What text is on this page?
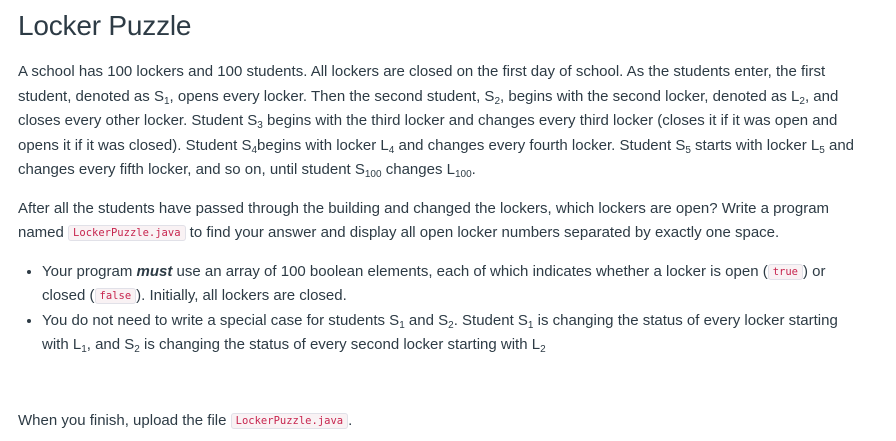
Locker Puzzle

A school has 100 lockers and 100 students. All lockers are closed on the first day of school. As the students enter, the first student, denoted as $S_1$, opens every locker. Then the second student, $S_2$, begins with the second locker, denoted as $L_2$, and closes every other locker. Student $S_3$ begins with the third locker and changes every third locker (closes it if it was open and opens it if it was closed). Student $S_4begins$ with locker $L_4$ and changes every fourth locker. Student $S_5$ starts with locker $L_5$ and changes every fifth locker, and so on, until student $S_{100}$ changes $L_{100}$.

After all the students have passed through the building and changed the lockers, which lockers are open? Write a program named LockerPuzzle.java to find your answer and display all open locker numbers separated by exactly one space.

• Your program must use an array of 100 boolean elements, each of which indicates whether a locker is open ( true ) or closed ( false ). Initially, all lockers are closed.
• You do not need to write a special case for students $S_1$ and $S_2$. Student $S_1$ is changing the status of every locker starting with $L_1$, and $S_2$ is changing the status of every second locker starting with $L_2$

When you finish, upload the file LockerPuzzle.java .
